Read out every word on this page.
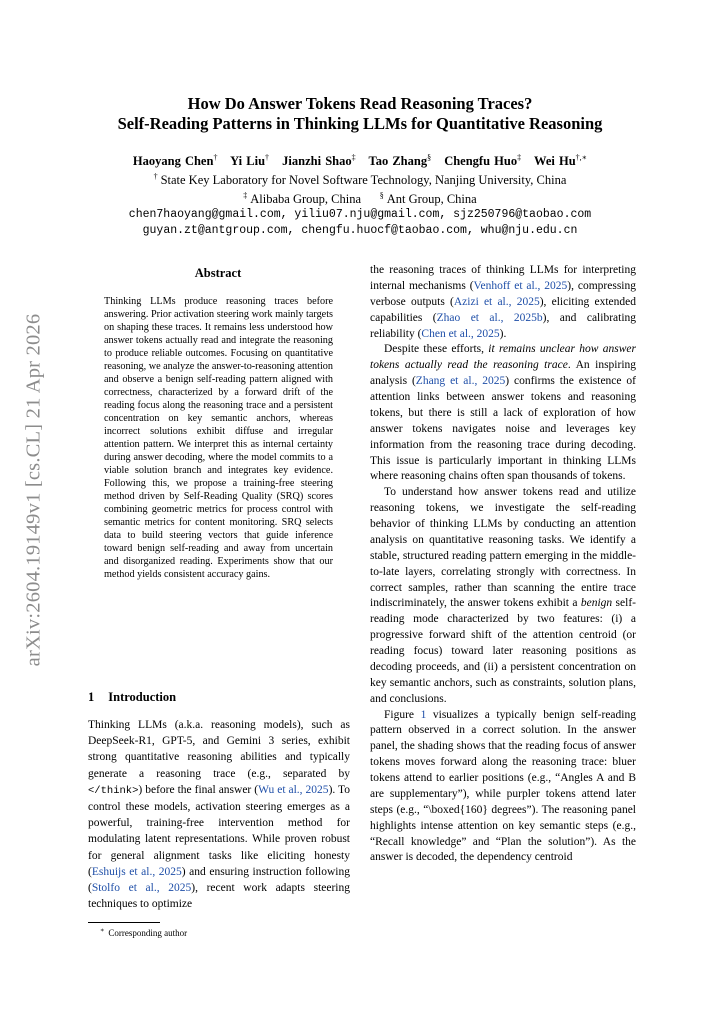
arXiv:2604.19149v1 [cs.CL] 21 Apr 2026
How Do Answer Tokens Read Reasoning Traces?
Self-Reading Patterns in Thinking LLMs for Quantitative Reasoning
Haoyang Chen† Yi Liu† Jianzhi Shao‡ Tao Zhang§ Chengfu Huo‡ Wei Hu†,∗
† State Key Laboratory for Novel Software Technology, Nanjing University, China
‡ Alibaba Group, China § Ant Group, China
chen7haoyang@gmail.com, yiliu07.nju@gmail.com, sjz250796@taobao.com
guyan.zt@antgroup.com, chengfu.huocf@taobao.com, whu@nju.edu.cn
Abstract
Thinking LLMs produce reasoning traces before answering. Prior activation steering work mainly targets on shaping these traces. It remains less understood how answer tokens actually read and integrate the reasoning to produce reliable outcomes. Focusing on quantitative reasoning, we analyze the answer-to-reasoning attention and observe a benign self-reading pattern aligned with correctness, characterized by a forward drift of the reading focus along the reasoning trace and a persistent concentration on key semantic anchors, whereas incorrect solutions exhibit diffuse and irregular attention pattern. We interpret this as internal certainty during answer decoding, where the model commits to a viable solution branch and integrates key evidence. Following this, we propose a training-free steering method driven by Self-Reading Quality (SRQ) scores combining geometric metrics for process control with semantic metrics for content monitoring. SRQ selects data to build steering vectors that guide inference toward benign self-reading and away from uncertain and disorganized reading. Experiments show that our method yields consistent accuracy gains.
1 Introduction
Thinking LLMs (a.k.a. reasoning models), such as DeepSeek-R1, GPT-5, and Gemini 3 series, exhibit strong quantitative reasoning abilities and typically generate a reasoning trace (e.g., separated by </think>) before the final answer (Wu et al., 2025). To control these models, activation steering emerges as a powerful, training-free intervention method for modulating latent representations. While proven robust for general alignment tasks like eliciting honesty (Eshuijs et al., 2025) and ensuring instruction following (Stolfo et al., 2025), recent work adapts steering techniques to optimize

the reasoning traces of thinking LLMs for interpreting internal mechanisms (Venhoff et al., 2025), compressing verbose outputs (Azizi et al., 2025), eliciting extended capabilities (Zhao et al., 2025b), and calibrating reliability (Chen et al., 2025).

Despite these efforts, it remains unclear how answer tokens actually read the reasoning trace. An inspiring analysis (Zhang et al., 2025) confirms the existence of attention links between answer tokens and reasoning tokens, but there is still a lack of exploration of how answer tokens navigates noise and leverages key information from the reasoning trace during decoding. This issue is particularly important in thinking LLMs where reasoning chains often span thousands of tokens.

To understand how answer tokens read and utilize reasoning tokens, we investigate the self-reading behavior of thinking LLMs by conducting an attention analysis on quantitative reasoning tasks. We identify a stable, structured reading pattern emerging in the middle-to-late layers, correlating strongly with correctness. In correct samples, rather than scanning the entire trace indiscriminately, the answer tokens exhibit a benign self-reading mode characterized by two features: (i) a progressive forward shift of the attention centroid (or reading focus) toward later reasoning positions as decoding proceeds, and (ii) a persistent concentration on key semantic anchors, such as constraints, solution plans, and conclusions.

Figure 1 visualizes a typically benign self-reading pattern observed in a correct solution. In the answer panel, the shading shows that the reading focus of answer tokens moves forward along the reasoning trace: bluer tokens attend to earlier positions (e.g., “Angles A and B are supplementary”), while purpler tokens attend later steps (e.g., “\boxed{160} degrees”). The reasoning panel highlights intense attention on key semantic steps (e.g., “Recall knowledge” and “Plan the solution”). As the answer is decoded, the dependency centroid

∗ Corresponding author
